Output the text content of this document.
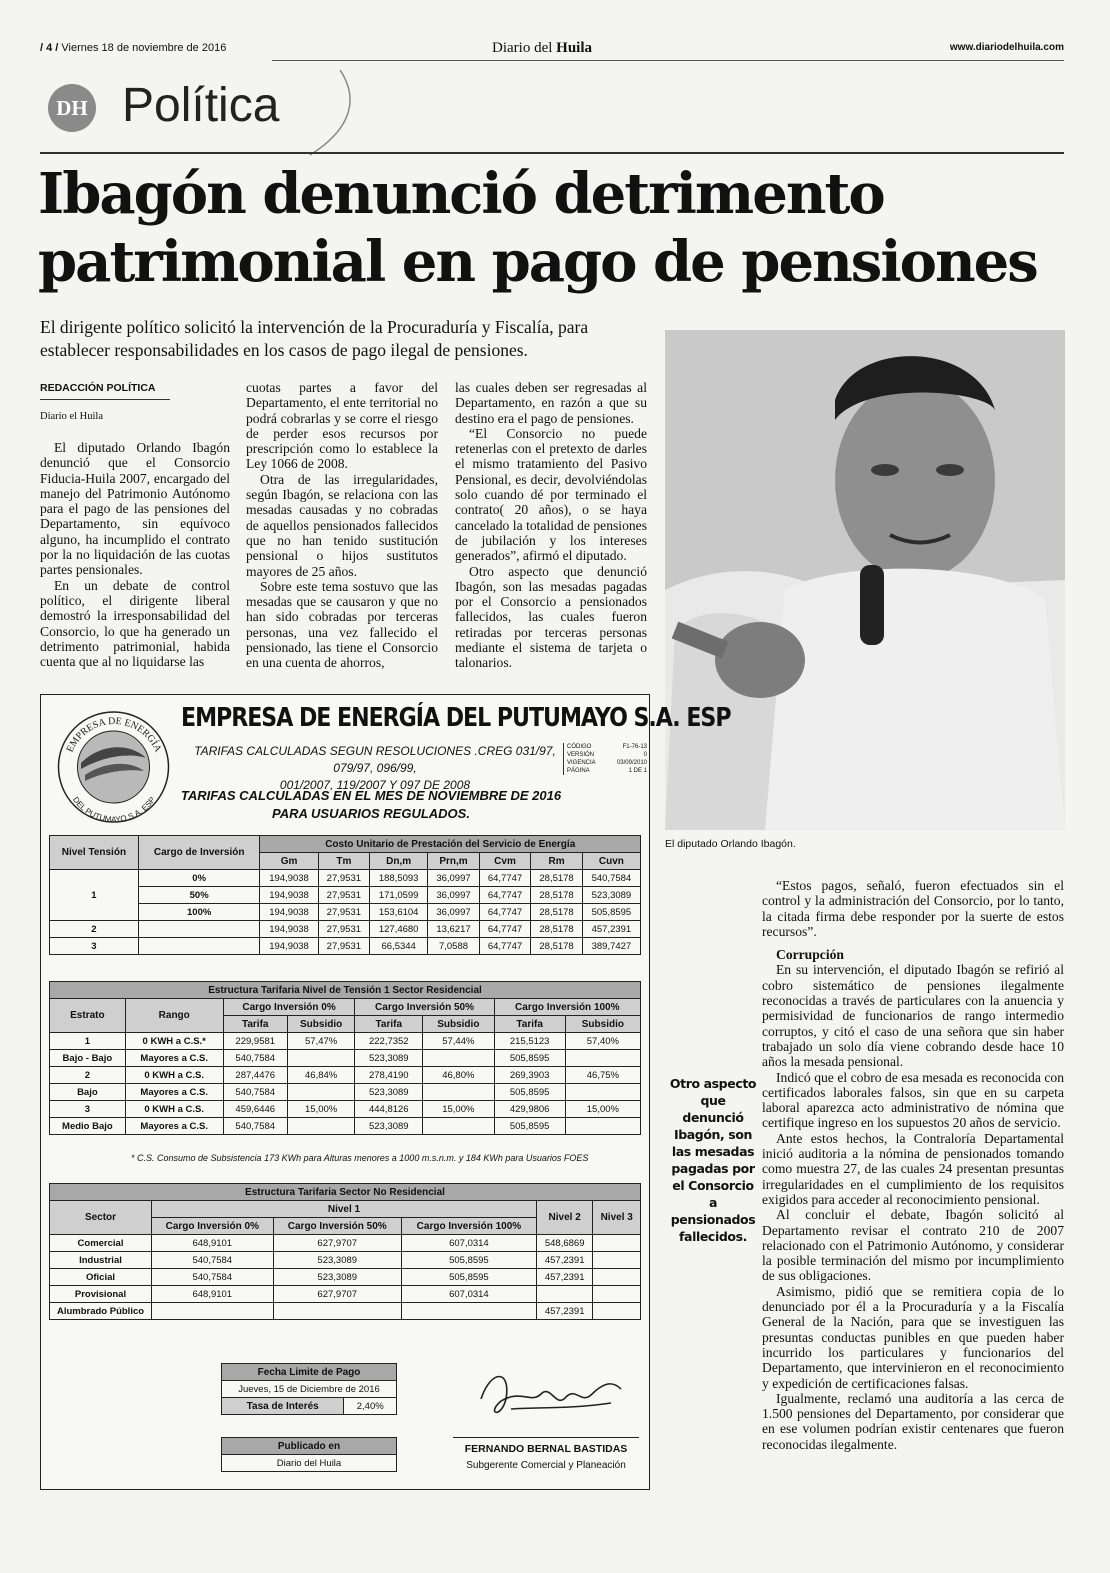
/ 4 / Viernes 18 de noviembre de 2016	Diario del Huila	www.diariodelhuila.com
DH Política
Ibagón denunció detrimento patrimonial en pago de pensiones
El dirigente político solicitó la intervención de la Procuraduría y Fiscalía, para establecer responsabilidades en los casos de pago ilegal de pensiones.
REDACCIÓN POLÍTICA
Diario el Huila

El diputado Orlando Ibagón denunció que el Consorcio Fiducia-Huila 2007, encargado del manejo del Patrimonio Autónomo para el pago de las pensiones del Departamento, sin equívoco alguno, ha incumplido el contrato por la no liquidación de las cuotas partes pensionales.

En un debate de control político, el dirigente liberal demostró la irresponsabilidad del Consorcio, lo que ha generado un detrimento patrimonial, habida cuenta que al no liquidarse las

cuotas partes a favor del Departamento, el ente territorial no podrá cobrarlas y se corre el riesgo de perder esos recursos por prescripción como lo establece la Ley 1066 de 2008.

Otra de las irregularidades, según Ibagón, se relaciona con las mesadas causadas y no cobradas de aquellos pensionados fallecidos que no han tenido sustitución pensional o hijos sustitutos mayores de 25 años.

Sobre este tema sostuvo que las mesadas que se causaron y que no han sido cobradas por terceras personas, una vez fallecido el pensionado, las tiene el Consorcio en una cuenta de ahorros,

las cuales deben ser regresadas al Departamento, en razón a que su destino era el pago de pensiones.

“El Consorcio no puede retenerlas con el pretexto de darles el mismo tratamiento del Pasivo Pensional, es decir, devolviéndolas solo cuando dé por terminado el contrato( 20 años), o se haya cancelado la totalidad de pensiones de jubilación y los intereses generados”, afirmó el diputado.

Otro aspecto que denunció Ibagón, son las mesadas pagadas por el Consorcio a pensionados fallecidos, las cuales fueron retiradas por terceras personas mediante el sistema de tarjeta o talonarios.

El diputado Orlando Ibagón.
EMPRESA DE ENERGÍA
DEL PUTUMAYO S.A. ESP
EMPRESA DE ENERGÍA DEL PUTUMAYO S.A. ESP
TARIFAS CALCULADAS SEGUN RESOLUCIONES .CREG 031/97, 079/97, 096/99,
001/2007, 119/2007 Y 097 DE 2008
CÓDIGO	F1-76-13
VERSIÓN	0
VIGENCIA	03/09/2010
PÁGINA	1 DE 1
TARIFAS CALCULADAS EN EL MES DE NOVIEMBRE DE 2016
PARA USUARIOS REGULADOS.
Nivel Tensión	Cargo de Inversión	Costo Unitario de Prestación del Servicio de Energía						
		Gm	Tm	Dn,m	Prn,m	Cvm	Rm	Cuvn
1	0%	194,9038	27,9531	188,5093	36,0997	64,7747	28,5178	540,7584
	50%	194,9038	27,9531	171,0599	36,0997	64,7747	28,5178	523,3089
	100%	194,9038	27,9531	153,6104	36,0997	64,7747	28,5178	505,8595
2		194,9038	27,9531	127,4680	13,6217	64,7747	28,5178	457,2391
3		194,9038	27,9531	66,5344	7,0588	64,7747	28,5178	389,7427
Estructura Tarifaria Nivel de Tensión 1 Sector Residencial							
Estrato	Rango	Cargo Inversión 0%		Cargo Inversión 50%		Cargo Inversión 100%	
		Tarifa	Subsidio	Tarifa	Subsidio	Tarifa	Subsidio
1	0 KWH a C.S.*	229,9581	57,47%	222,7352	57,44%	215,5123	57,40%
Bajo - Bajo	Mayores a C.S.	540,7584		523,3089		505,8595	
2	0 KWH a C.S.	287,4476	46,84%	278,4190	46,80%	269,3903	46,75%
Bajo	Mayores a C.S.	540,7584		523,3089		505,8595	
3	0 KWH a C.S.	459,6446	15,00%	444,8126	15,00%	429,9806	15,00%
Medio Bajo	Mayores a C.S.	540,7584		523,3089		505,8595	
* C.S. Consumo de Subsistencia 173 KWh para Alturas menores a 1000 m.s.n.m. y 184 KWh para Usuarios FOES
Estructura Tarifaria Sector No Residencial					
Sector	Nivel 1			Nivel 2	Nivel 3
	Cargo Inversión 0%	Cargo Inversión 50%	Cargo Inversión 100%		
Comercial	648,9101	627,9707	607,0314	548,6869	
Industrial	540,7584	523,3089	505,8595	457,2391	
Oficial	540,7584	523,3089	505,8595	457,2391	
Provisional	648,9101	627,9707	607,0314		
Alumbrado Público				457,2391	
Fecha Limite de Pago
Jueves, 15 de Diciembre de 2016
Tasa de Interés	2,40%
Publicado en
Diario del Huila
FERNANDO BERNAL BASTIDAS
Subgerente Comercial y Planeación
Otro aspecto que denunció Ibagón, son las mesadas pagadas por el Consorcio a pensionados fallecidos.

“Estos pagos, señaló, fueron efectuados sin el control y la administración del Consorcio, por lo tanto, la citada firma debe responder por la suerte de estos recursos”.

Corrupción

En su intervención, el diputado Ibagón se refirió al cobro sistemático de pensiones ilegalmente reconocidas a través de particulares con la anuencia y permisividad de funcionarios de rango intermedio corruptos, y citó el caso de una señora que sin haber trabajado un solo día viene cobrando desde hace 10 años la mesada pensional.

Indicó que el cobro de esa mesada es reconocida con certificados laborales falsos, sin que en su carpeta laboral aparezca acto administrativo de nómina que certifique ingreso en los supuestos 20 años de servicio.

Ante estos hechos, la Contraloría Departamental inició auditoria a la nómina de pensionados tomando como muestra 27, de las cuales 24 presentan presuntas irregularidades en el cumplimiento de los requisitos exigidos para acceder al reconocimiento pensional.

Al concluir el debate, Ibagón solicitó al Departamento revisar el contrato 210 de 2007 relacionado con el Patrimonio Autónomo, y considerar la posible terminación del mismo por incumplimiento de sus obligaciones.

Asimismo, pidió que se remitiera copia de lo denunciado por él a la Procuraduría y a la Fiscalía General de la Nación, para que se investiguen las presuntas conductas punibles en que pueden haber incurrido los particulares y funcionarios del Departamento, que intervinieron en el reconocimiento y expedición de certificaciones falsas.

Igualmente, reclamó una auditoría a las cerca de 1.500 pensiones del Departamento, por considerar que en ese volumen podrían existir centenares que fueron reconocidas ilegalmente.
